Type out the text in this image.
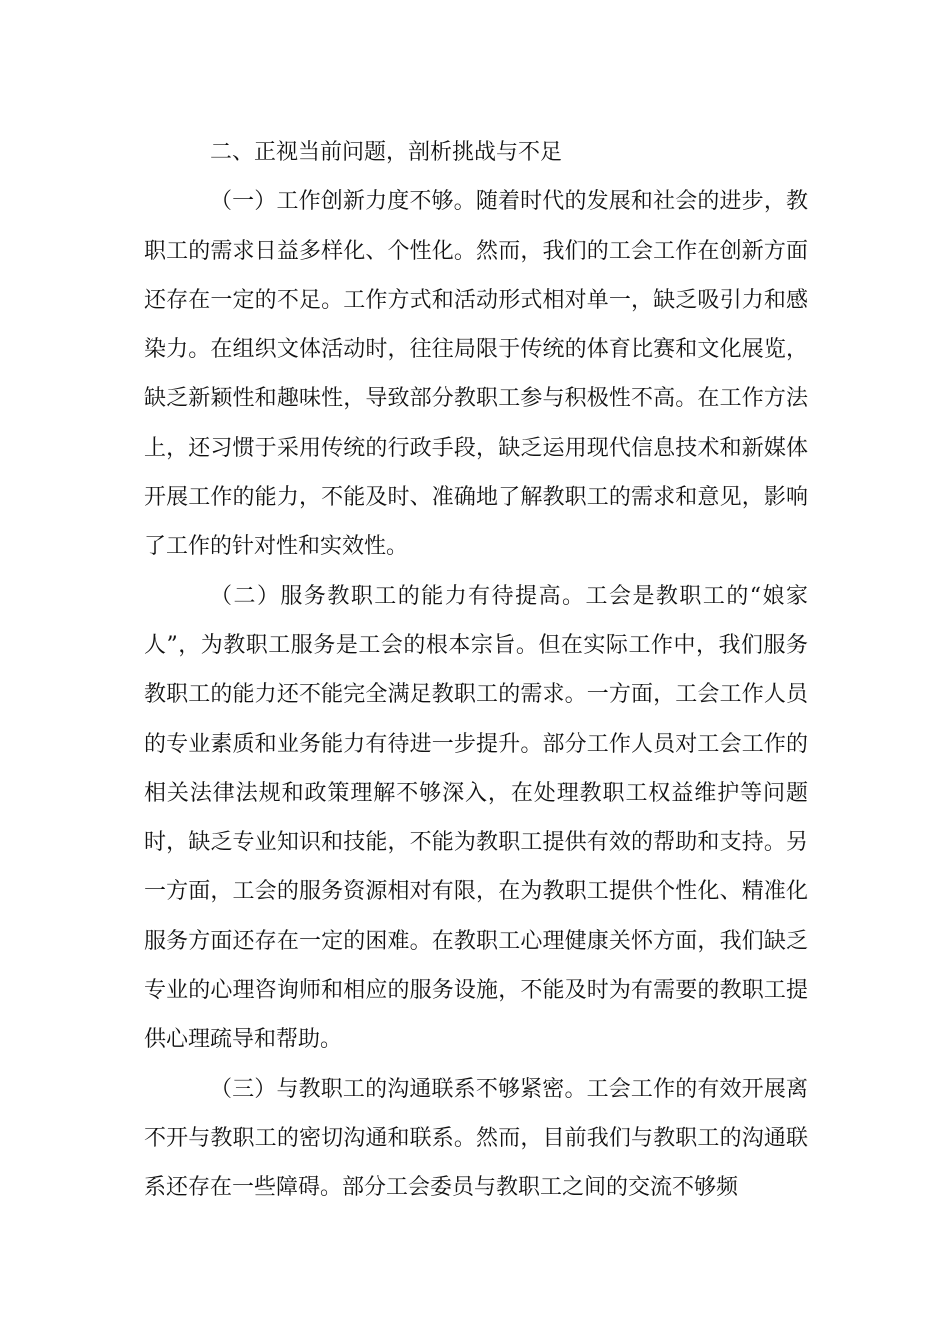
二、正视当前问题，剖析挑战与不足

（一）工作创新力度不够。随着时代的发展和社会的进步，教职工的需求日益多样化、个性化。然而，我们的工会工作在创新方面还存在一定的不足。工作方式和活动形式相对单一，缺乏吸引力和感染力。在组织文体活动时，往往局限于传统的体育比赛和文化展览，缺乏新颖性和趣味性，导致部分教职工参与积极性不高。在工作方法上，还习惯于采用传统的行政手段，缺乏运用现代信息技术和新媒体开展工作的能力，不能及时、准确地了解教职工的需求和意见，影响了工作的针对性和实效性。

（二）服务教职工的能力有待提高。工会是教职工的“娘家人”，为教职工服务是工会的根本宗旨。但在实际工作中，我们服务教职工的能力还不能完全满足教职工的需求。一方面，工会工作人员的专业素质和业务能力有待进一步提升。部分工作人员对工会工作的相关法律法规和政策理解不够深入，在处理教职工权益维护等问题时，缺乏专业知识和技能，不能为教职工提供有效的帮助和支持。另一方面，工会的服务资源相对有限，在为教职工提供个性化、精准化服务方面还存在一定的困难。在教职工心理健康关怀方面，我们缺乏专业的心理咨询师和相应的服务设施，不能及时为有需要的教职工提供心理疏导和帮助。

（三）与教职工的沟通联系不够紧密。工会工作的有效开展离不开与教职工的密切沟通和联系。然而，目前我们与教职工的沟通联系还存在一些障碍。部分工会委员与教职工之间的交流不够频
